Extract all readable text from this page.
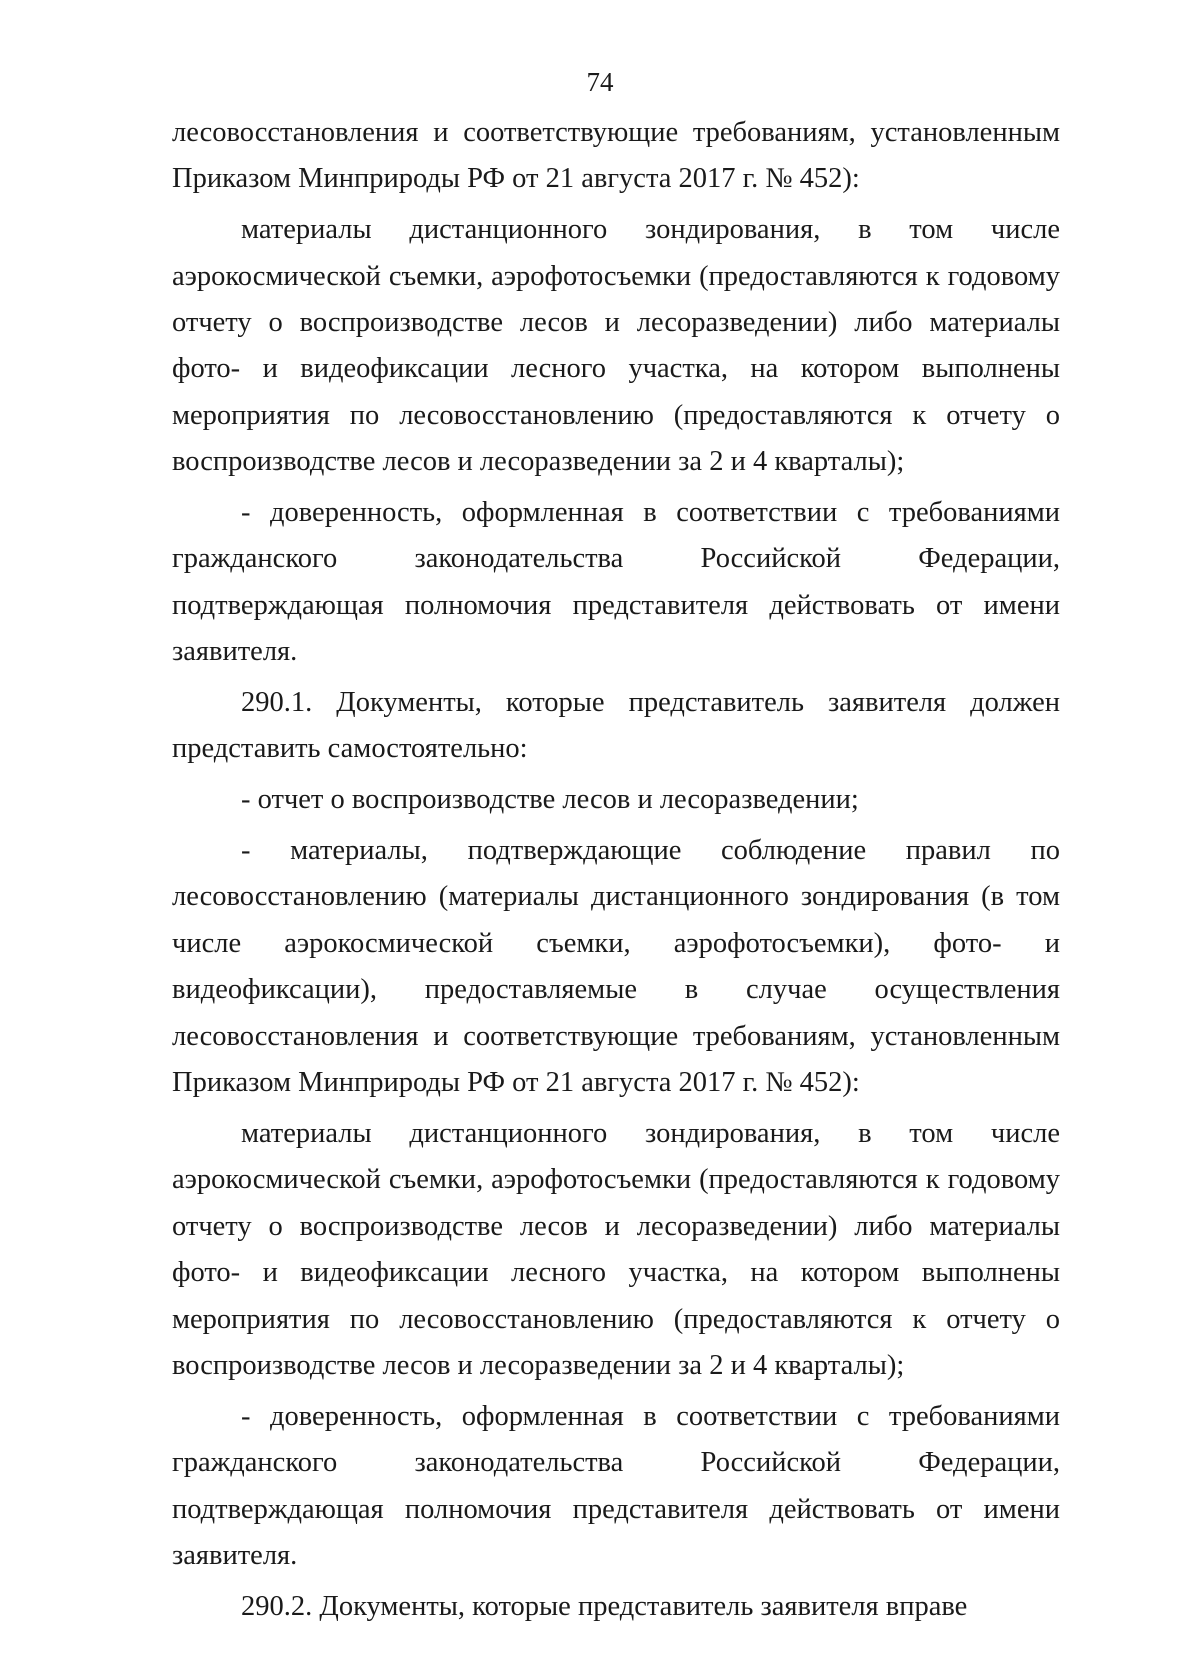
74

лесовосстановления и соответствующие требованиям, установленным Приказом Минприроды РФ от 21 августа 2017 г. № 452):

материалы дистанционного зондирования, в том числе аэрокосмической съемки, аэрофотосъемки (предоставляются к годовому отчету о воспроизводстве лесов и лесоразведении) либо материалы фото- и видеофиксации лесного участка, на котором выполнены мероприятия по лесовосстановлению (предоставляются к отчету о воспроизводстве лесов и лесоразведении за 2 и 4 кварталы);

- доверенность, оформленная в соответствии с требованиями гражданского законодательства Российской Федерации, подтверждающая полномочия представителя действовать от имени заявителя.

290.1. Документы, которые представитель заявителя должен представить самостоятельно:

- отчет о воспроизводстве лесов и лесоразведении;

- материалы, подтверждающие соблюдение правил по лесовосстановлению (материалы дистанционного зондирования (в том числе аэрокосмической съемки, аэрофотосъемки), фото- и видеофиксации), предоставляемые в случае осуществления лесовосстановления и соответствующие требованиям, установленным Приказом Минприроды РФ от 21 августа 2017 г. № 452):

материалы дистанционного зондирования, в том числе аэрокосмической съемки, аэрофотосъемки (предоставляются к годовому отчету о воспроизводстве лесов и лесоразведении) либо материалы фото- и видеофиксации лесного участка, на котором выполнены мероприятия по лесовосстановлению (предоставляются к отчету о воспроизводстве лесов и лесоразведении за 2 и 4 кварталы);

- доверенность, оформленная в соответствии с требованиями гражданского законодательства Российской Федерации, подтверждающая полномочия представителя действовать от имени заявителя.

290.2. Документы, которые представитель заявителя вправе
